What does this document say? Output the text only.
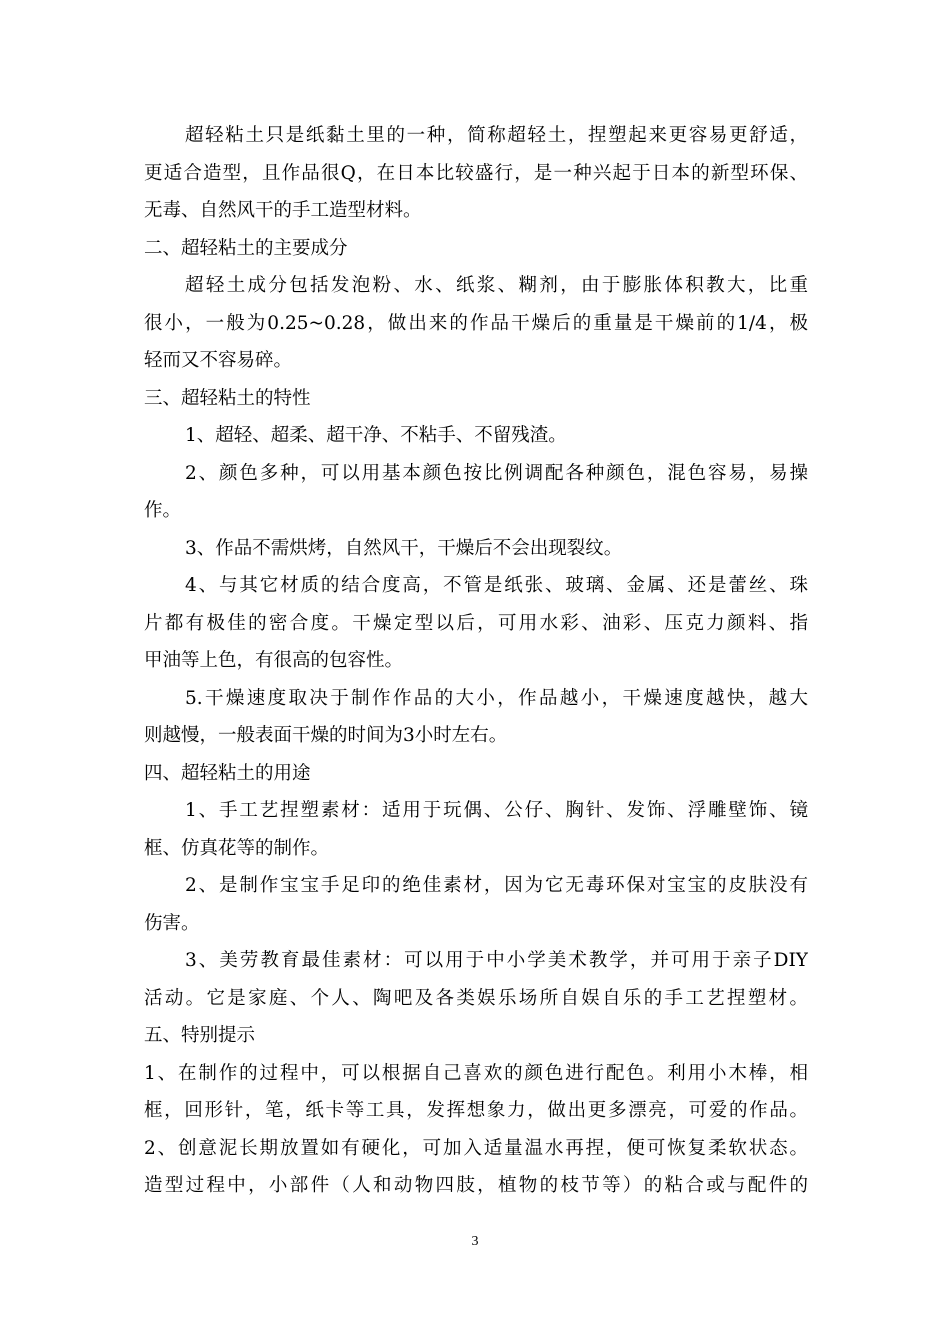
超轻粘土只是纸黏土里的一种，简称超轻土，捏塑起来更容易更舒适，
更适合造型，且作品很Q，在日本比较盛行，是一种兴起于日本的新型环保、
无毒、自然风干的手工造型材料。
二、超轻粘土的主要成分
超轻土成分包括发泡粉、水、纸浆、糊剂，由于膨胀体积教大，比重
很小，一般为0.25~0.28，做出来的作品干燥后的重量是干燥前的1/4，极
轻而又不容易碎。
三、超轻粘土的特性
1、超轻、超柔、超干净、不粘手、不留残渣。
2、颜色多种，可以用基本颜色按比例调配各种颜色，混色容易，易操
作。
3、作品不需烘烤，自然风干，干燥后不会出现裂纹。
4、与其它材质的结合度高，不管是纸张、玻璃、金属、还是蕾丝、珠
片都有极佳的密合度。干燥定型以后，可用水彩、油彩、压克力颜料、指
甲油等上色，有很高的包容性。
5.干燥速度取决于制作作品的大小，作品越小，干燥速度越快，越大
则越慢，一般表面干燥的时间为3小时左右。
四、超轻粘土的用途
1、手工艺捏塑素材：适用于玩偶、公仔、胸针、发饰、浮雕壁饰、镜
框、仿真花等的制作。
2、是制作宝宝手足印的绝佳素材，因为它无毒环保对宝宝的皮肤没有
伤害。
3、美劳教育最佳素材：可以用于中小学美术教学，并可用于亲子DIY
活动。它是家庭、个人、陶吧及各类娱乐场所自娱自乐的手工艺捏塑材。
五、特别提示
1、在制作的过程中，可以根据自己喜欢的颜色进行配色。利用小木棒，相
框，回形针，笔，纸卡等工具，发挥想象力，做出更多漂亮，可爱的作品。
2、创意泥长期放置如有硬化，可加入适量温水再捏，便可恢复柔软状态。
造型过程中，小部件（人和动物四肢，植物的枝节等）的粘合或与配件的
3
